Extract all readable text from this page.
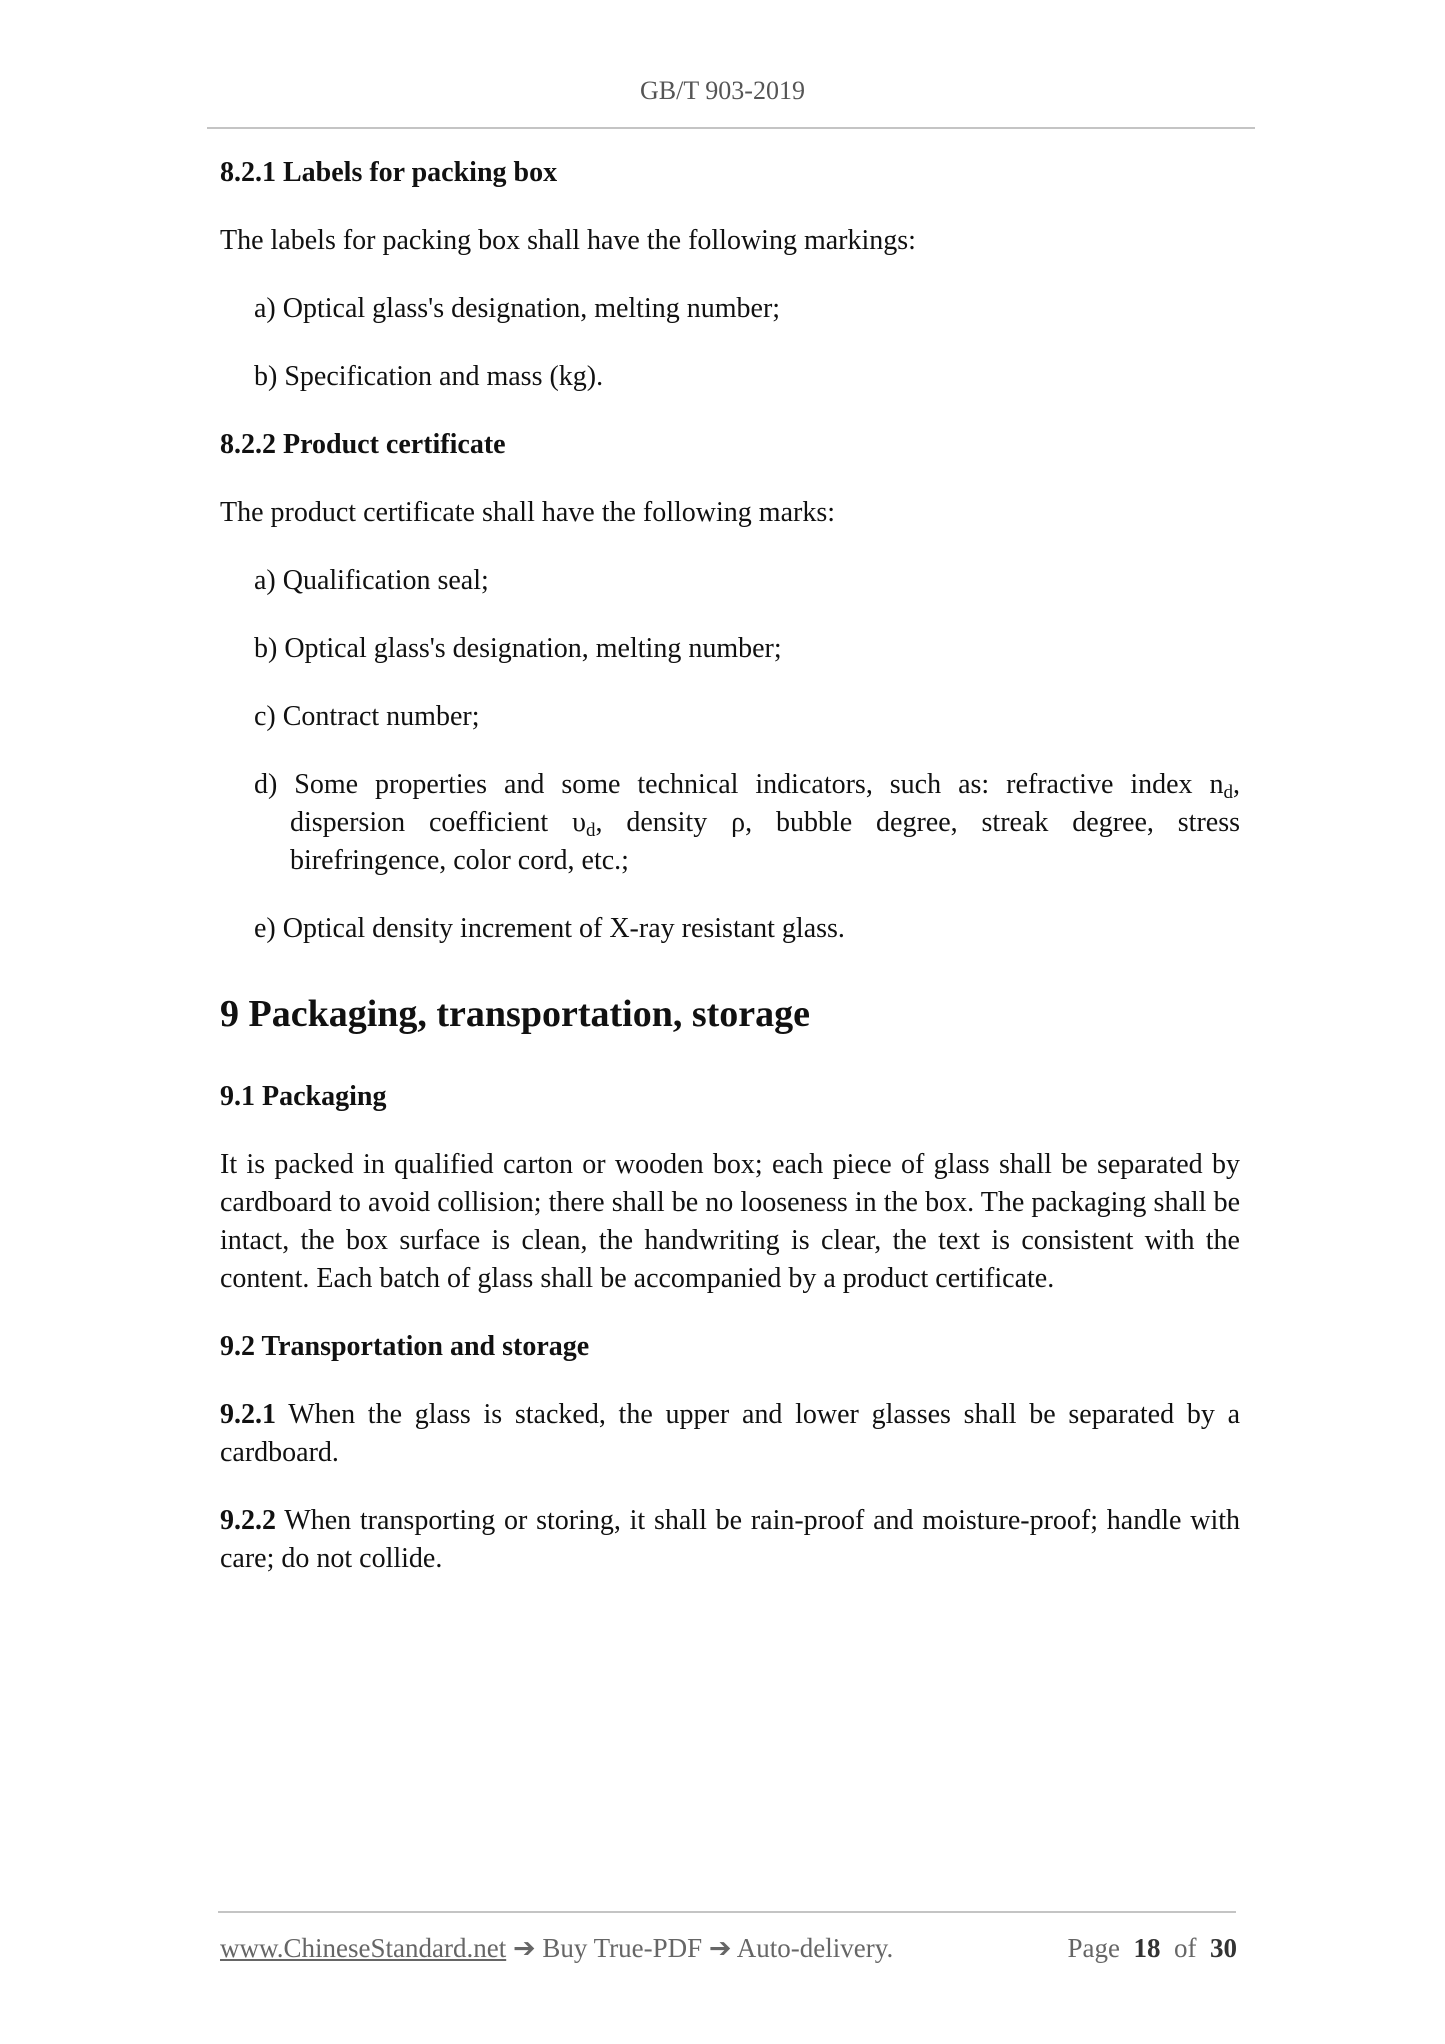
GB/T 903-2019
8.2.1 Labels for packing box
The labels for packing box shall have the following markings:
a) Optical glass's designation, melting number;
b) Specification and mass (kg).
8.2.2 Product certificate
The product certificate shall have the following marks:
a) Qualification seal;
b) Optical glass's designation, melting number;
c) Contract number;
d) Some properties and some technical indicators, such as: refractive index $n_d$, dispersion coefficient $\upsilon_d$, density ρ, bubble degree, streak degree, stress birefringence, color cord, etc.;
e) Optical density increment of X-ray resistant glass.
9 Packaging, transportation, storage
9.1 Packaging
It is packed in qualified carton or wooden box; each piece of glass shall be separated by cardboard to avoid collision; there shall be no looseness in the box. The packaging shall be intact, the box surface is clean, the handwriting is clear, the text is consistent with the content. Each batch of glass shall be accompanied by a product certificate.
9.2 Transportation and storage
9.2.1 When the glass is stacked, the upper and lower glasses shall be separated by a cardboard.
9.2.2 When transporting or storing, it shall be rain-proof and moisture-proof; handle with care; do not collide.
www.ChineseStandard.net ➔ Buy True-PDF ➔ Auto-delivery.	Page 18 of 30
